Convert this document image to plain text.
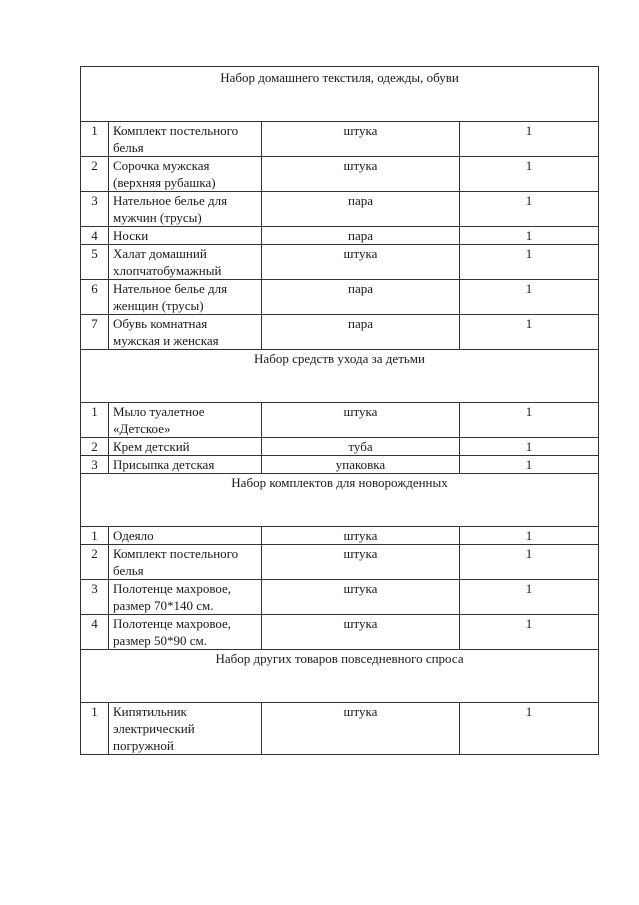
Набор домашнего текстиля, одежды, обуви			
1	Комплект постельного белья	штука	1
2	Сорочка мужская (верхняя рубашка)	штука	1
3	Нательное белье для мужчин (трусы)	пара	1
4	Носки	пара	1
5	Халат домашний хлопчатобумажный	штука	1
6	Нательное белье для женщин (трусы)	пара	1
7	Обувь комнатная мужская и женская	пара	1
Набор средств ухода за детьми			
1	Мыло туалетное «Детское»	штука	1
2	Крем детский	туба	1
3	Присыпка детская	упаковка	1
Набор комплектов для новорожденных			
1	Одеяло	штука	1
2	Комплект постельного белья	штука	1
3	Полотенце махровое, размер 70*140 см.	штука	1
4	Полотенце махровое, размер 50*90 см.	штука	1
Набор других товаров повседневного спроса			
1	Кипятильник электрический погружной	штука	1
